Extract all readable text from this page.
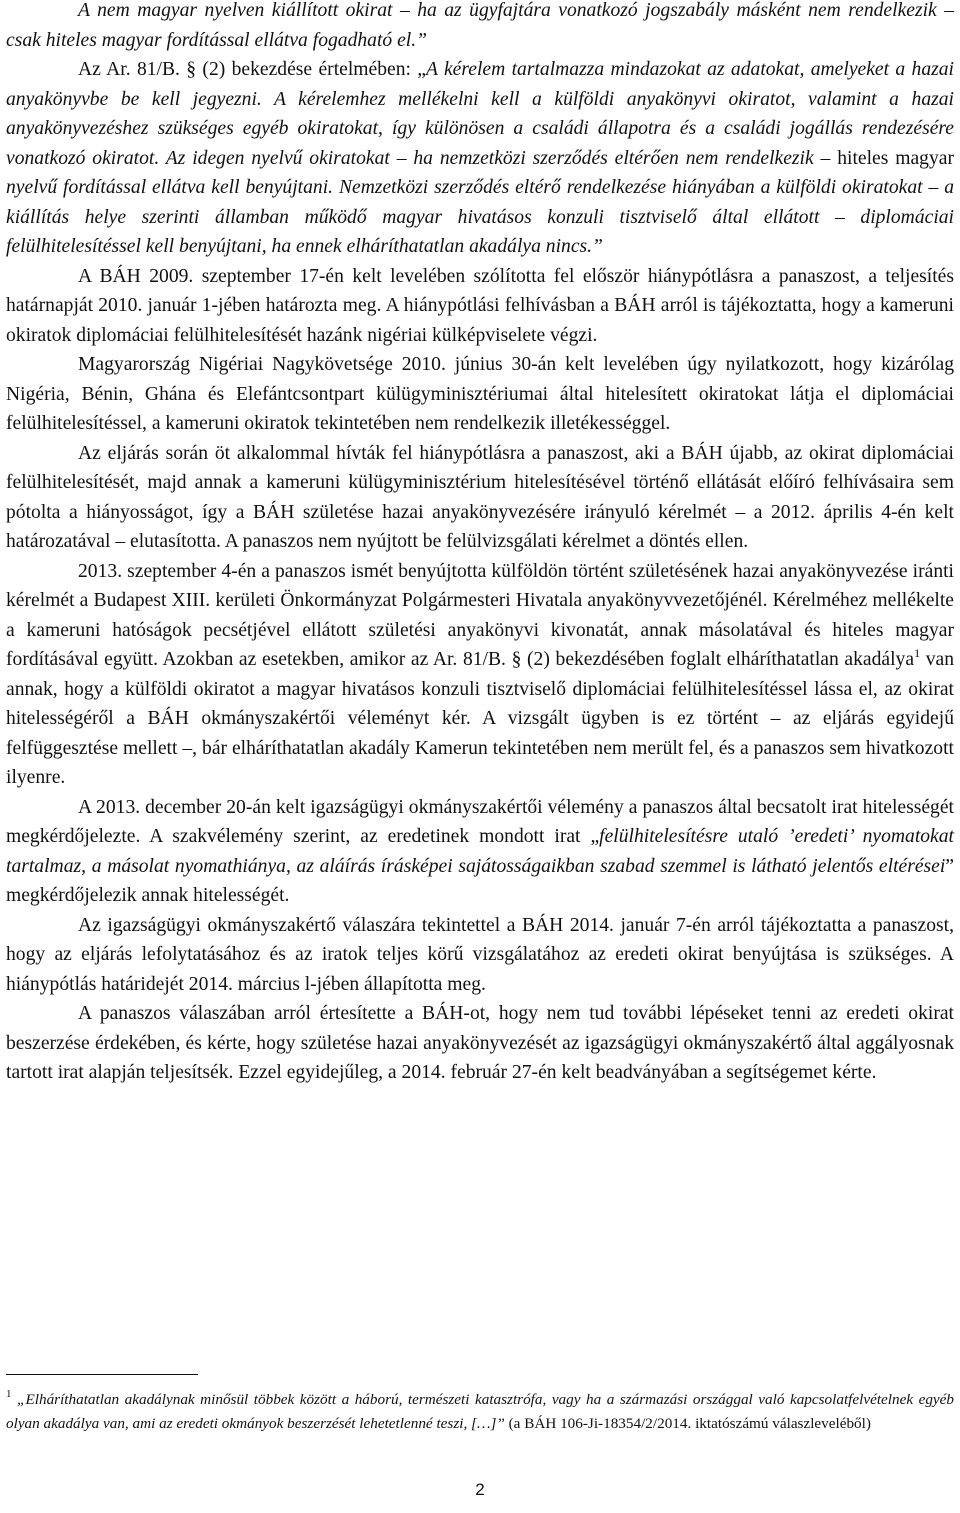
A nem magyar nyelven kiállított okirat – ha az ügyfajtára vonatkozó jogszabály másként nem rendelkezik – csak hiteles magyar fordítással ellátva fogadható el.”

Az Ar. 81/B. § (2) bekezdése értelmében: „A kérelem tartalmazza mindazokat az adatokat, amelyeket a hazai anyakönyvbe be kell jegyezni. A kérelemhez mellékelni kell a külföldi anyakönyvi okiratot, valamint a hazai anyakönyvezéshez szükséges egyéb okiratokat, így különösen a családi állapotra és a családi jogállás rendezésére vonatkozó okiratot. Az idegen nyelvű okiratokat – ha nemzetközi szerződés eltérően nem rendelkezik – hiteles magyar nyelvű fordítással ellátva kell benyújtani. Nemzetközi szerződés eltérő rendelkezése hiányában a külföldi okiratokat – a kiállítás helye szerinti államban működő magyar hivatásos konzuli tisztviselő által ellátott – diplomáciai felülhitelesítéssel kell benyújtani, ha ennek elháríthatatlan akadálya nincs.”

A BÁH 2009. szeptember 17-én kelt levelében szólította fel először hiánypótlásra a panaszost, a teljesítés határnapját 2010. január 1-jében határozta meg. A hiánypótlási felhívásban a BÁH arról is tájékoztatta, hogy a kameruni okiratok diplomáciai felülhitelesítését hazánk nigériai külképviselete végzi.

Magyarország Nigériai Nagykövetsége 2010. június 30-án kelt levelében úgy nyilatkozott, hogy kizárólag Nigéria, Bénin, Ghána és Elefántcsontpart külügyminisztériumai által hitelesített okiratokat látja el diplomáciai felülhitelesítéssel, a kameruni okiratok tekintetében nem rendelkezik illetékességgel.

Az eljárás során öt alkalommal hívták fel hiánypótlásra a panaszost, aki a BÁH újabb, az okirat diplomáciai felülhitelesítését, majd annak a kameruni külügyminisztérium hitelesítésével történő ellátását előíró felhívásaira sem pótolta a hiányosságot, így a BÁH születése hazai anyakönyvezésére irányuló kérelmét – a 2012. április 4-én kelt határozatával – elutasította. A panaszos nem nyújtott be felülvizsgálati kérelmet a döntés ellen.

2013. szeptember 4-én a panaszos ismét benyújtotta külföldön történt születésének hazai anyakönyvezése iránti kérelmét a Budapest XIII. kerületi Önkormányzat Polgármesteri Hivatala anyakönyvvezetőjénél. Kérelméhez mellékelte a kameruni hatóságok pecsétjével ellátott születési anyakönyvi kivonatát, annak másolatával és hiteles magyar fordításával együtt. Azokban az esetekben, amikor az Ar. 81/B. § (2) bekezdésében foglalt elháríthatatlan akadálya$^1$ van annak, hogy a külföldi okiratot a magyar hivatásos konzuli tisztviselő diplomáciai felülhitelesítéssel lássa el, az okirat hitelességéről a BÁH okmányszakértői véleményt kér. A vizsgált ügyben is ez történt – az eljárás egyidejű felfüggesztése mellett –, bár elháríthatatlan akadály Kamerun tekintetében nem merült fel, és a panaszos sem hivatkozott ilyenre.

A 2013. december 20-án kelt igazságügyi okmányszakértői vélemény a panaszos által becsatolt irat hitelességét megkérdőjelezte. A szakvélemény szerint, az eredetinek mondott irat „felülhitelesítésre utaló ’eredeti’ nyomatokat tartalmaz, a másolat nyomathiánya, az aláírás írásképei sajátosságaikban szabad szemmel is látható jelentős eltérései” megkérdőjelezik annak hitelességét.

Az igazságügyi okmányszakértő válaszára tekintettel a BÁH 2014. január 7-én arról tájékoztatta a panaszost, hogy az eljárás lefolytatásához és az iratok teljes körű vizsgálatához az eredeti okirat benyújtása is szükséges. A hiánypótlás határidejét 2014. március l-jében állapította meg.

A panaszos válaszában arról értesítette a BÁH-ot, hogy nem tud további lépéseket tenni az eredeti okirat beszerzése érdekében, és kérte, hogy születése hazai anyakönyvezését az igazságügyi okmányszakértő által aggályosnak tartott irat alapján teljesítsék. Ezzel egyidejűleg, a 2014. február 27-én kelt beadványában a segítségemet kérte.

$^1$ „Elháríthatatlan akadálynak minősül többek között a háború, természeti katasztrófa, vagy ha a származási országgal való kapcsolatfelvételnek egyéb olyan akadálya van, ami az eredeti okmányok beszerzését lehetetlenné teszi, […]” (a BÁH 106-Ji-18354/2/2014. iktatószámú válaszleveléből)

2
